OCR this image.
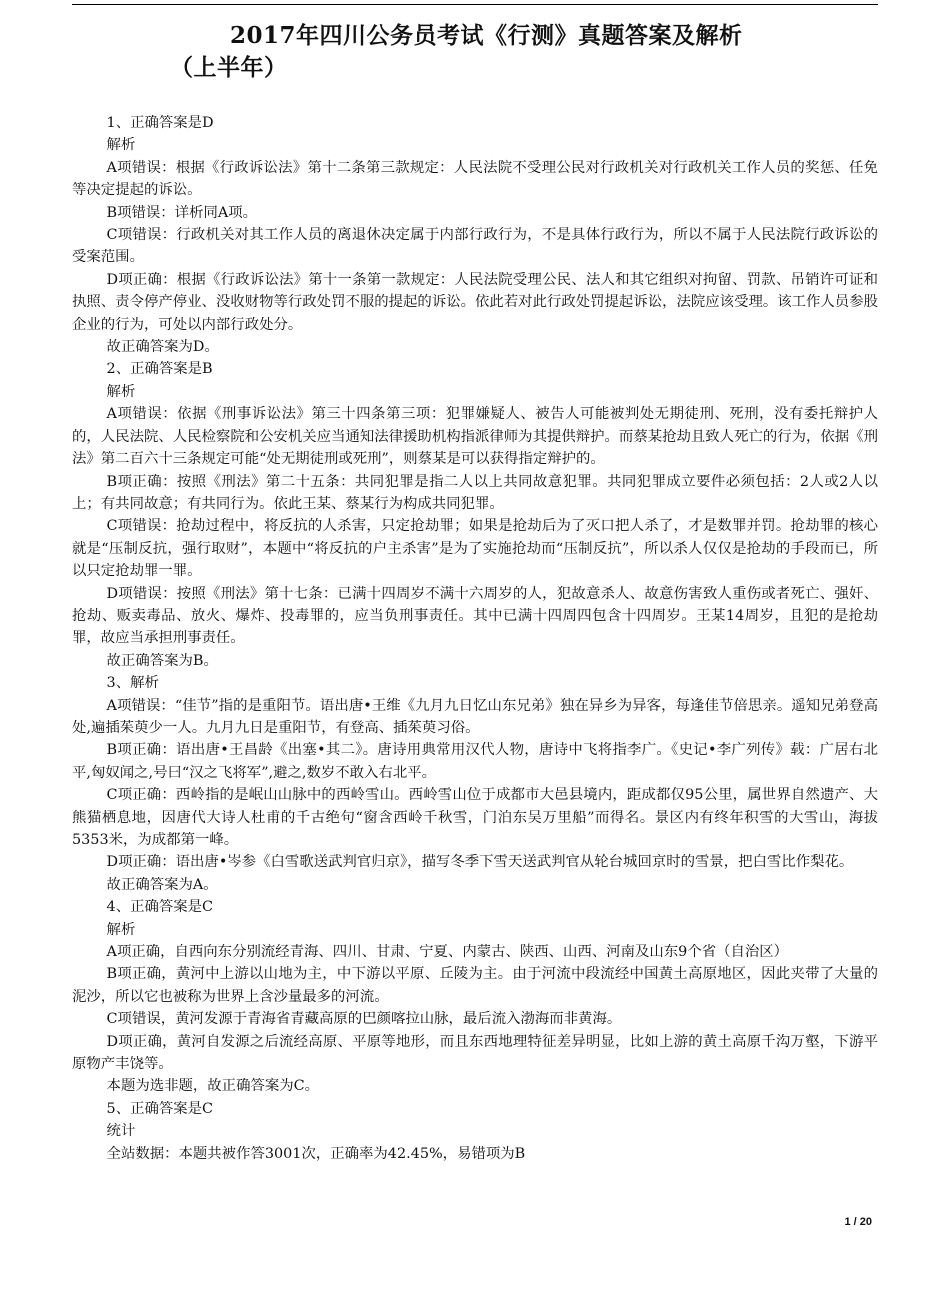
2017年四川公务员考试《行测》真题答案及解析
（上半年）

1、正确答案是D

解析

A项错误：根据《行政诉讼法》第十二条第三款规定：人民法院不受理公民对行政机关对行政机关工作人员的奖惩、任免等决定提起的诉讼。

B项错误：详析同A项。

C项错误：行政机关对其工作人员的离退休决定属于内部行政行为，不是具体行政行为，所以不属于人民法院行政诉讼的受案范围。

D项正确：根据《行政诉讼法》第十一条第一款规定：人民法院受理公民、法人和其它组织对拘留、罚款、吊销许可证和执照、责令停产停业、没收财物等行政处罚不服的提起的诉讼。依此若对此行政处罚提起诉讼，法院应该受理。该工作人员参股企业的行为，可处以内部行政处分。

故正确答案为D。

2、正确答案是B

解析

A项错误：依据《刑事诉讼法》第三十四条第三项：犯罪嫌疑人、被告人可能被判处无期徒刑、死刑，没有委托辩护人的，人民法院、人民检察院和公安机关应当通知法律援助机构指派律师为其提供辩护。而蔡某抢劫且致人死亡的行为，依据《刑法》第二百六十三条规定可能“处无期徒刑或死刑”，则蔡某是可以获得指定辩护的。

B项正确：按照《刑法》第二十五条：共同犯罪是指二人以上共同故意犯罪。共同犯罪成立要件必须包括：2人或2人以上；有共同故意；有共同行为。依此王某、蔡某行为构成共同犯罪。

C项错误：抢劫过程中，将反抗的人杀害，只定抢劫罪；如果是抢劫后为了灭口把人杀了，才是数罪并罚。抢劫罪的核心就是“压制反抗，强行取财”，本题中“将反抗的户主杀害”是为了实施抢劫而“压制反抗”，所以杀人仅仅是抢劫的手段而已，所以只定抢劫罪一罪。

D项错误：按照《刑法》第十七条：已满十四周岁不满十六周岁的人，犯故意杀人、故意伤害致人重伤或者死亡、强奸、抢劫、贩卖毒品、放火、爆炸、投毒罪的，应当负刑事责任。其中已满十四周四包含十四周岁。王某14周岁，且犯的是抢劫罪，故应当承担刑事责任。

故正确答案为B。

3、解析

A项错误：“佳节”指的是重阳节。语出唐•王维《九月九日忆山东兄弟》独在异乡为异客，每逢佳节倍思亲。遥知兄弟登高处,遍插茱萸少一人。九月九日是重阳节，有登高、插茱萸习俗。

B项正确：语出唐•王昌龄《出塞•其二》。唐诗用典常用汉代人物，唐诗中飞将指李广。《史记•李广列传》载：广居右北平,匈奴闻之,号曰“汉之飞将军”,避之,数岁不敢入右北平。

C项正确：西岭指的是岷山山脉中的西岭雪山。西岭雪山位于成都市大邑县境内，距成都仅95公里，属世界自然遗产、大熊猫栖息地，因唐代大诗人杜甫的千古绝句“窗含西岭千秋雪，门泊东吴万里船”而得名。景区内有终年积雪的大雪山，海拔5353米，为成都第一峰。

D项正确：语出唐•岑参《白雪歌送武判官归京》，描写冬季下雪天送武判官从轮台城回京时的雪景，把白雪比作梨花。

故正确答案为A。

4、正确答案是C

解析

A项正确，自西向东分别流经青海、四川、甘肃、宁夏、内蒙古、陕西、山西、河南及山东9个省（自治区）

B项正确，黄河中上游以山地为主，中下游以平原、丘陵为主。由于河流中段流经中国黄土高原地区，因此夹带了大量的泥沙，所以它也被称为世界上含沙量最多的河流。

C项错误，黄河发源于青海省青藏高原的巴颜喀拉山脉，最后流入渤海而非黄海。

D项正确，黄河自发源之后流经高原、平原等地形，而且东西地理特征差异明显，比如上游的黄土高原千沟万壑，下游平原物产丰饶等。

本题为选非题，故正确答案为C。

5、正确答案是C

统计

全站数据：本题共被作答3001次，正确率为42.45%，易错项为B

1 / 20
